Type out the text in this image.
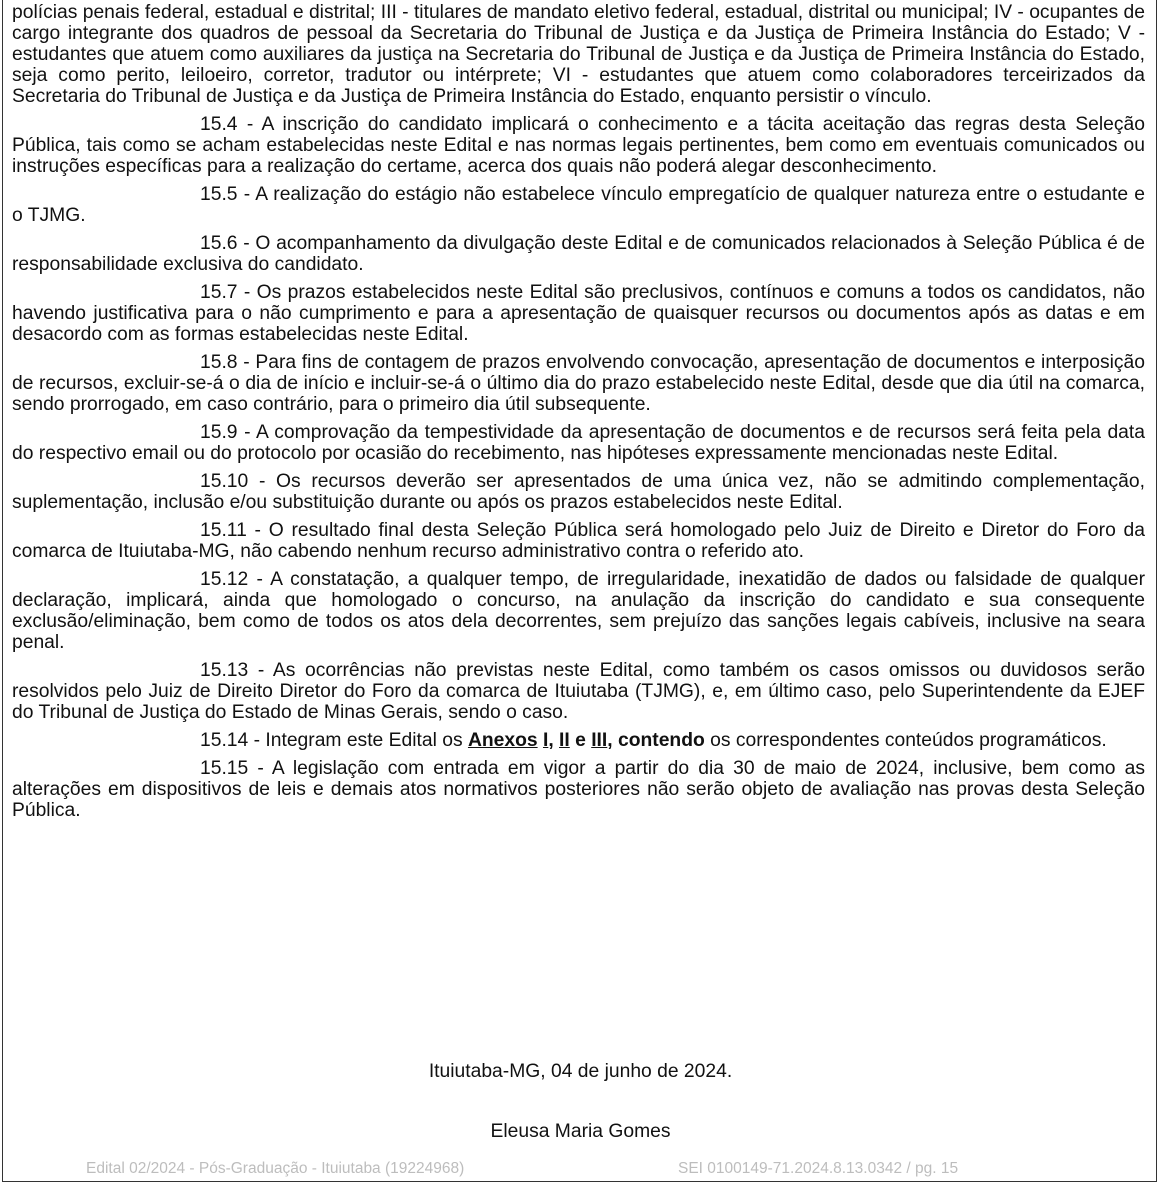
polícias penais federal, estadual e distrital; III - titulares de mandato eletivo federal, estadual, distrital ou municipal; IV - ocupantes de cargo integrante dos quadros de pessoal da Secretaria do Tribunal de Justiça e da Justiça de Primeira Instância do Estado; V - estudantes que atuem como auxiliares da justiça na Secretaria do Tribunal de Justiça e da Justiça de Primeira Instância do Estado, seja como perito, leiloeiro, corretor, tradutor ou intérprete; VI - estudantes que atuem como colaboradores terceirizados da Secretaria do Tribunal de Justiça e da Justiça de Primeira Instância do Estado, enquanto persistir o vínculo.

15.4 - A inscrição do candidato implicará o conhecimento e a tácita aceitação das regras desta Seleção Pública, tais como se acham estabelecidas neste Edital e nas normas legais pertinentes, bem como em eventuais comunicados ou instruções específicas para a realização do certame, acerca dos quais não poderá alegar desconhecimento.

15.5 - A realização do estágio não estabelece vínculo empregatício de qualquer natureza entre o estudante e o TJMG.

15.6 - O acompanhamento da divulgação deste Edital e de comunicados relacionados à Seleção Pública é de responsabilidade exclusiva do candidato.

15.7 - Os prazos estabelecidos neste Edital são preclusivos, contínuos e comuns a todos os candidatos, não havendo justificativa para o não cumprimento e para a apresentação de quaisquer recursos ou documentos após as datas e em desacordo com as formas estabelecidas neste Edital.

15.8 - Para fins de contagem de prazos envolvendo convocação, apresentação de documentos e interposição de recursos, excluir-se-á o dia de início e incluir-se-á o último dia do prazo estabelecido neste Edital, desde que dia útil na comarca, sendo prorrogado, em caso contrário, para o primeiro dia útil subsequente.

15.9 - A comprovação da tempestividade da apresentação de documentos e de recursos será feita pela data do respectivo email ou do protocolo por ocasião do recebimento, nas hipóteses expressamente mencionadas neste Edital.

15.10 - Os recursos deverão ser apresentados de uma única vez, não se admitindo complementação, suplementação, inclusão e/ou substituição durante ou após os prazos estabelecidos neste Edital.

15.11 - O resultado final desta Seleção Pública será homologado pelo Juiz de Direito e Diretor do Foro da comarca de Ituiutaba-MG, não cabendo nenhum recurso administrativo contra o referido ato.

15.12 - A constatação, a qualquer tempo, de irregularidade, inexatidão de dados ou falsidade de qualquer declaração, implicará, ainda que homologado o concurso, na anulação da inscrição do candidato e sua consequente exclusão/eliminação, bem como de todos os atos dela decorrentes, sem prejuízo das sanções legais cabíveis, inclusive na seara penal.

15.13 - As ocorrências não previstas neste Edital, como também os casos omissos ou duvidosos serão resolvidos pelo Juiz de Direito Diretor do Foro da comarca de Ituiutaba (TJMG), e, em último caso, pelo Superintendente da EJEF do Tribunal de Justiça do Estado de Minas Gerais, sendo o caso.

15.14 - Integram este Edital os Anexos I, II e III, contendo os correspondentes conteúdos programáticos.

15.15 - A legislação com entrada em vigor a partir do dia 30 de maio de 2024, inclusive, bem como as alterações em dispositivos de leis e demais atos normativos posteriores não serão objeto de avaliação nas provas desta Seleção Pública.

Ituiutaba-MG, 04 de junho de 2024.
Eleusa Maria Gomes
Edital 02/2024 - Pós-Graduação - Ituiutaba (19224968)	SEI 0100149-71.2024.8.13.0342 / pg. 15
